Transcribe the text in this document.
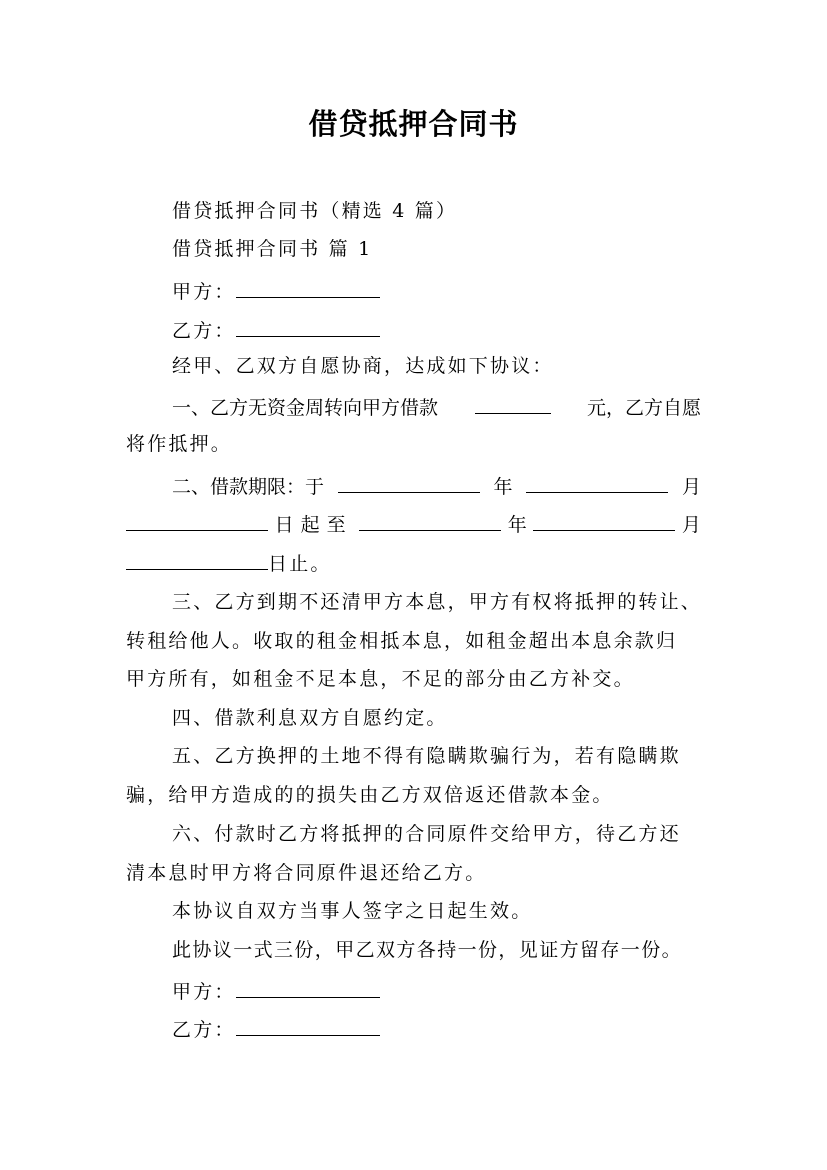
借贷抵押合同书
借贷抵押合同书（精选 4 篇）
借贷抵押合同书 篇 1
甲方：
乙方：
经甲、乙双方自愿协商，达成如下协议：
一、乙方无资金周转向甲方借款	元，乙方自愿
将作抵押。
二、借款期限：于	年	月
日起至	年	月
日止。
三、乙方到期不还清甲方本息，甲方有权将抵押的转让、
转租给他人。收取的租金相抵本息，如租金超出本息余款归
甲方所有，如租金不足本息，不足的部分由乙方补交。
四、借款利息双方自愿约定。
五、乙方换押的土地不得有隐瞒欺骗行为，若有隐瞒欺
骗，给甲方造成的的损失由乙方双倍返还借款本金。
六、付款时乙方将抵押的合同原件交给甲方，待乙方还
清本息时甲方将合同原件退还给乙方。
本协议自双方当事人签字之日起生效。
此协议一式三份，甲乙双方各持一份，见证方留存一份。
甲方：
乙方：
